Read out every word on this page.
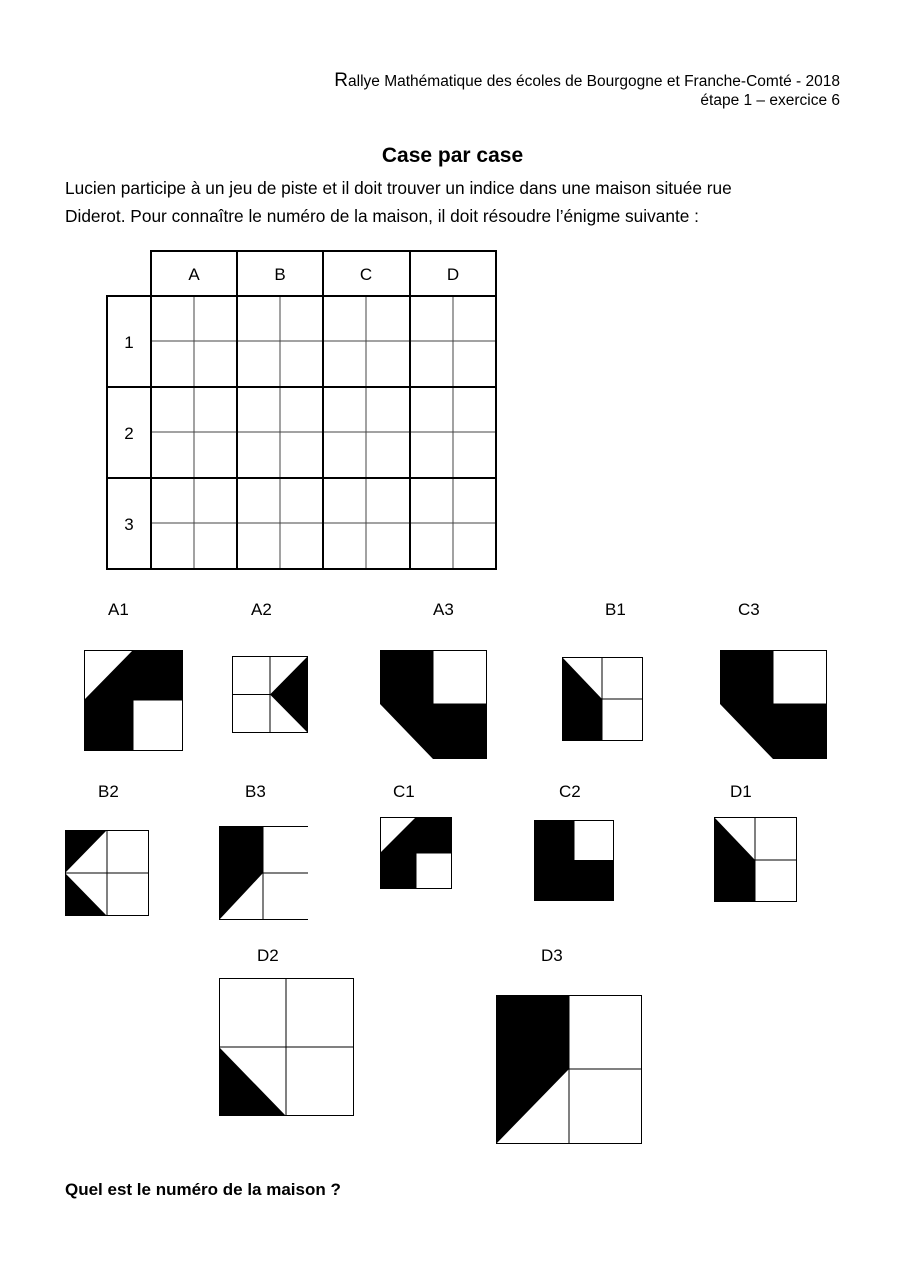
Rallye Mathématique des écoles de Bourgogne et Franche-Comté - 2018
étape 1 – exercice 6
Case par case
Lucien participe à un jeu de piste et il doit trouver un indice dans une maison située rue
Diderot. Pour connaître le numéro de la maison, il doit résoudre l’énigme suivante :
A	B	C	D
1
2
3
A1	A2	A3	B1	C3
B2	B3	C1	C2	D1
D2	D3
Quel est le numéro de la maison ?
